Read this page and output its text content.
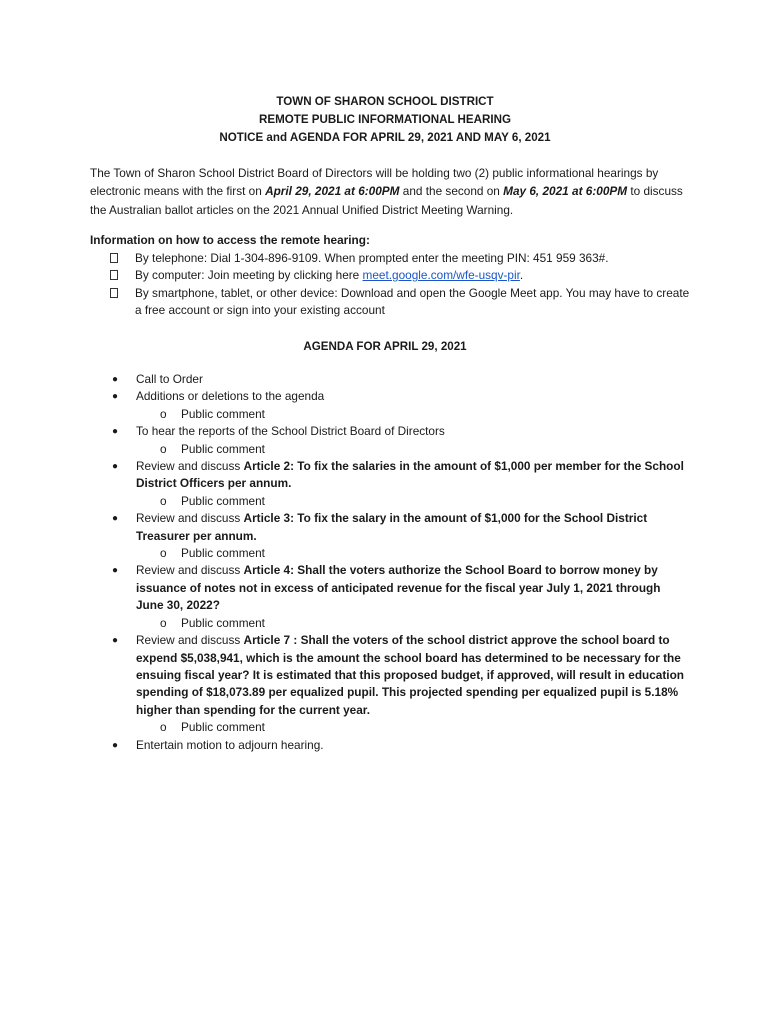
TOWN OF SHARON SCHOOL DISTRICT
REMOTE PUBLIC INFORMATIONAL HEARING
NOTICE and AGENDA FOR APRIL 29, 2021 AND MAY 6, 2021
The Town of Sharon School District Board of Directors will be holding two (2) public informational hearings by electronic means with the first on April 29, 2021 at 6:00PM and the second on May 6, 2021 at 6:00PM to discuss the Australian ballot articles on the 2021 Annual Unified District Meeting Warning.
Information on how to access the remote hearing:
By telephone: Dial 1-304-896-9109. When prompted enter the meeting PIN: 451 959 363#.
By computer: Join meeting by clicking here meet.google.com/wfe-usqv-pir.
By smartphone, tablet, or other device: Download and open the Google Meet app. You may have to create a free account or sign into your existing account
AGENDA FOR APRIL 29, 2021
● Call to Order
● Additions or deletions to the agenda
o Public comment
● To hear the reports of the School District Board of Directors
o Public comment
● Review and discuss Article 2: To fix the salaries in the amount of $1,000 per member for the School District Officers per annum.
o Public comment
● Review and discuss Article 3: To fix the salary in the amount of $1,000 for the School District Treasurer per annum.
o Public comment
● Review and discuss Article 4: Shall the voters authorize the School Board to borrow money by issuance of notes not in excess of anticipated revenue for the fiscal year July 1, 2021 through June 30, 2022?
o Public comment
● Review and discuss Article 7 : Shall the voters of the school district approve the school board to expend $5,038,941, which is the amount the school board has determined to be necessary for the ensuing fiscal year? It is estimated that this proposed budget, if approved, will result in education spending of $18,073.89 per equalized pupil. This projected spending per equalized pupil is 5.18% higher than spending for the current year.
o Public comment
● Entertain motion to adjourn hearing.
